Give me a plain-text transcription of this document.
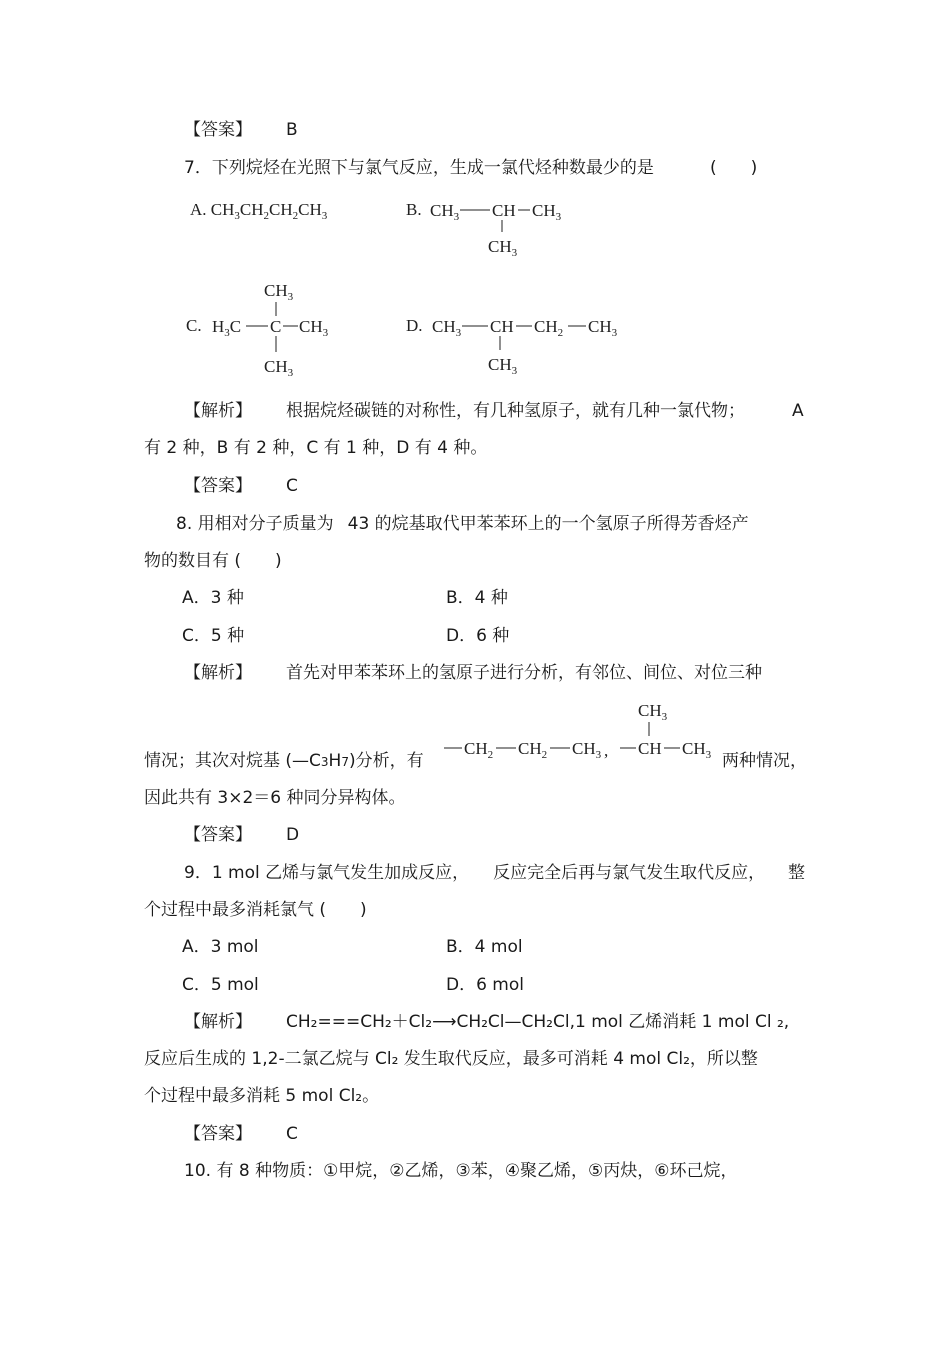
【答案】 B
7．下列烷烃在光照下与氯气反应，生成一氯代烃种数最少的是	(　　)
A. $CH_3CH_2CH_2CH_3$	B. $CH_3$ CH $CH_3$
$CH_3$
C.
$CH_3$
$H_3C$ C $CH_3$
$CH_3$
D. $CH_3$ CH $CH_2$ $CH_3$
$CH_3$
【解析】 根据烷烃碳链的对称性，有几种氢原子，就有几种一氯代物；	A
有 2 种，B 有 2 种，C 有 1 种，D 有 4 种。
【答案】 C
8. 用相对分子质量为 43 的烷基取代甲苯苯环上的一个氢原子所得芳香烃产
物的数目有 (　　)
A．3 种	B．4 种
C．5 种	D．6 种
【解析】 首先对甲苯苯环上的氢原子进行分析，有邻位、间位、对位三种
情况；其次对烷基 (—C3H7)分析，有
$CH_2$ $CH_2$ $CH_3$ , CH $CH_3$
$CH_3$
两种情况，
因此共有 3×2＝6 种同分异构体。
【答案】 D
9．1 mol 乙烯与氯气发生加成反应， 反应完全后再与氯气发生取代反应， 整
个过程中最多消耗氯气 (　　)
A．3 mol	B．4 mol
C．5 mol	D．6 mol
【解析】 CH₂===CH₂＋Cl₂⟶CH₂Cl—CH₂Cl,1 mol 乙烯消耗 1 mol Cl ₂,
反应后生成的 1,2-二氯乙烷与 Cl₂ 发生取代反应，最多可消耗 4 mol Cl₂，所以整
个过程中最多消耗 5 mol Cl₂。
【答案】 C
10. 有 8 种物质：①甲烷，②乙烯，③苯，④聚乙烯，⑤丙炔，⑥环己烷，
